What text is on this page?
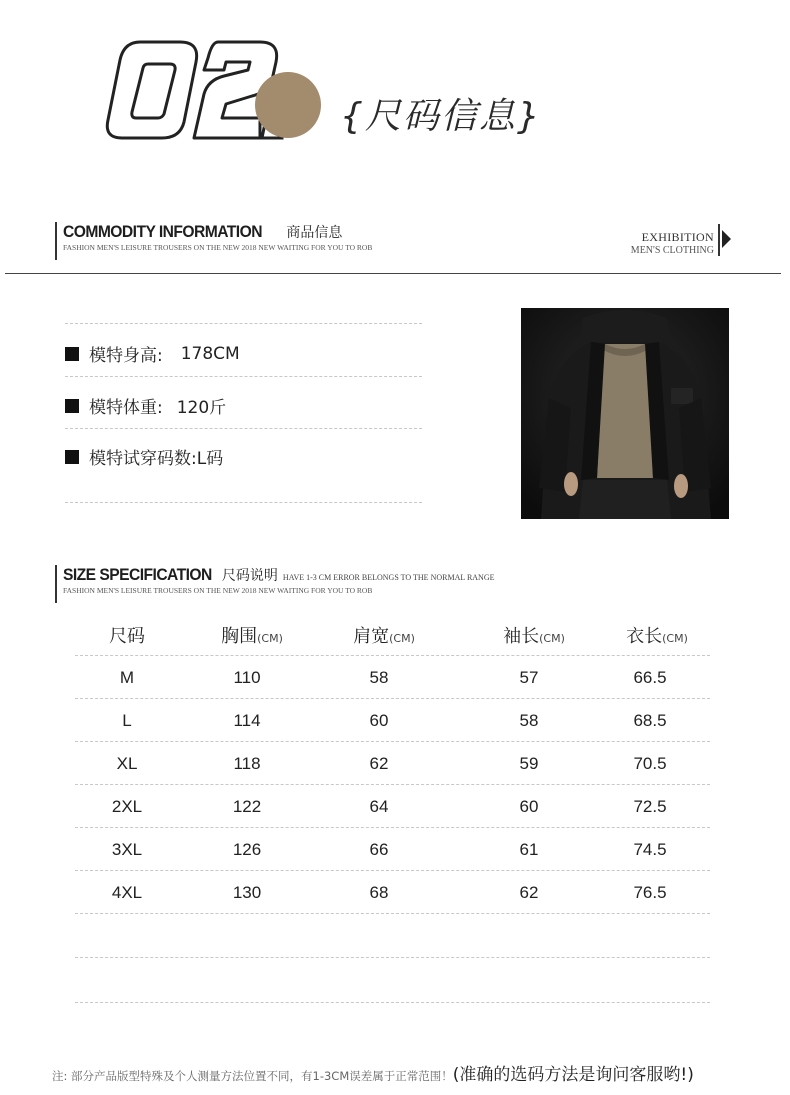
{尺码信息}
COMMODITY INFORMATION 商品信息
FASHION MEN'S LEISURE TROUSERS ON THE NEW 2018 NEW WAITING FOR YOU TO ROB
EXHIBITION
MEN'S CLOTHING
模特身高: 178CM
模特体重: 120斤
模特试穿码数: L码
SIZE SPECIFICATION 尺码说明 HAVE 1-3 CM ERROR BELONGS TO THE NORMAL RANGE
FASHION MEN'S LEISURE TROUSERS ON THE NEW 2018 NEW WAITING FOR YOU TO ROB
尺码	胸围(CM)	肩宽(CM)	袖长(CM)	衣长(CM)
M	110	58	57	66.5
L	114	60	58	68.5
XL	118	62	59	70.5
2XL	122	64	60	72.5
3XL	126	66	61	74.5
4XL	130	68	62	76.5
注: 部分产品版型特殊及个人测量方法位置不同，有1-3CM误差属于正常范围！(准确的选码方法是询问客服哟!)
